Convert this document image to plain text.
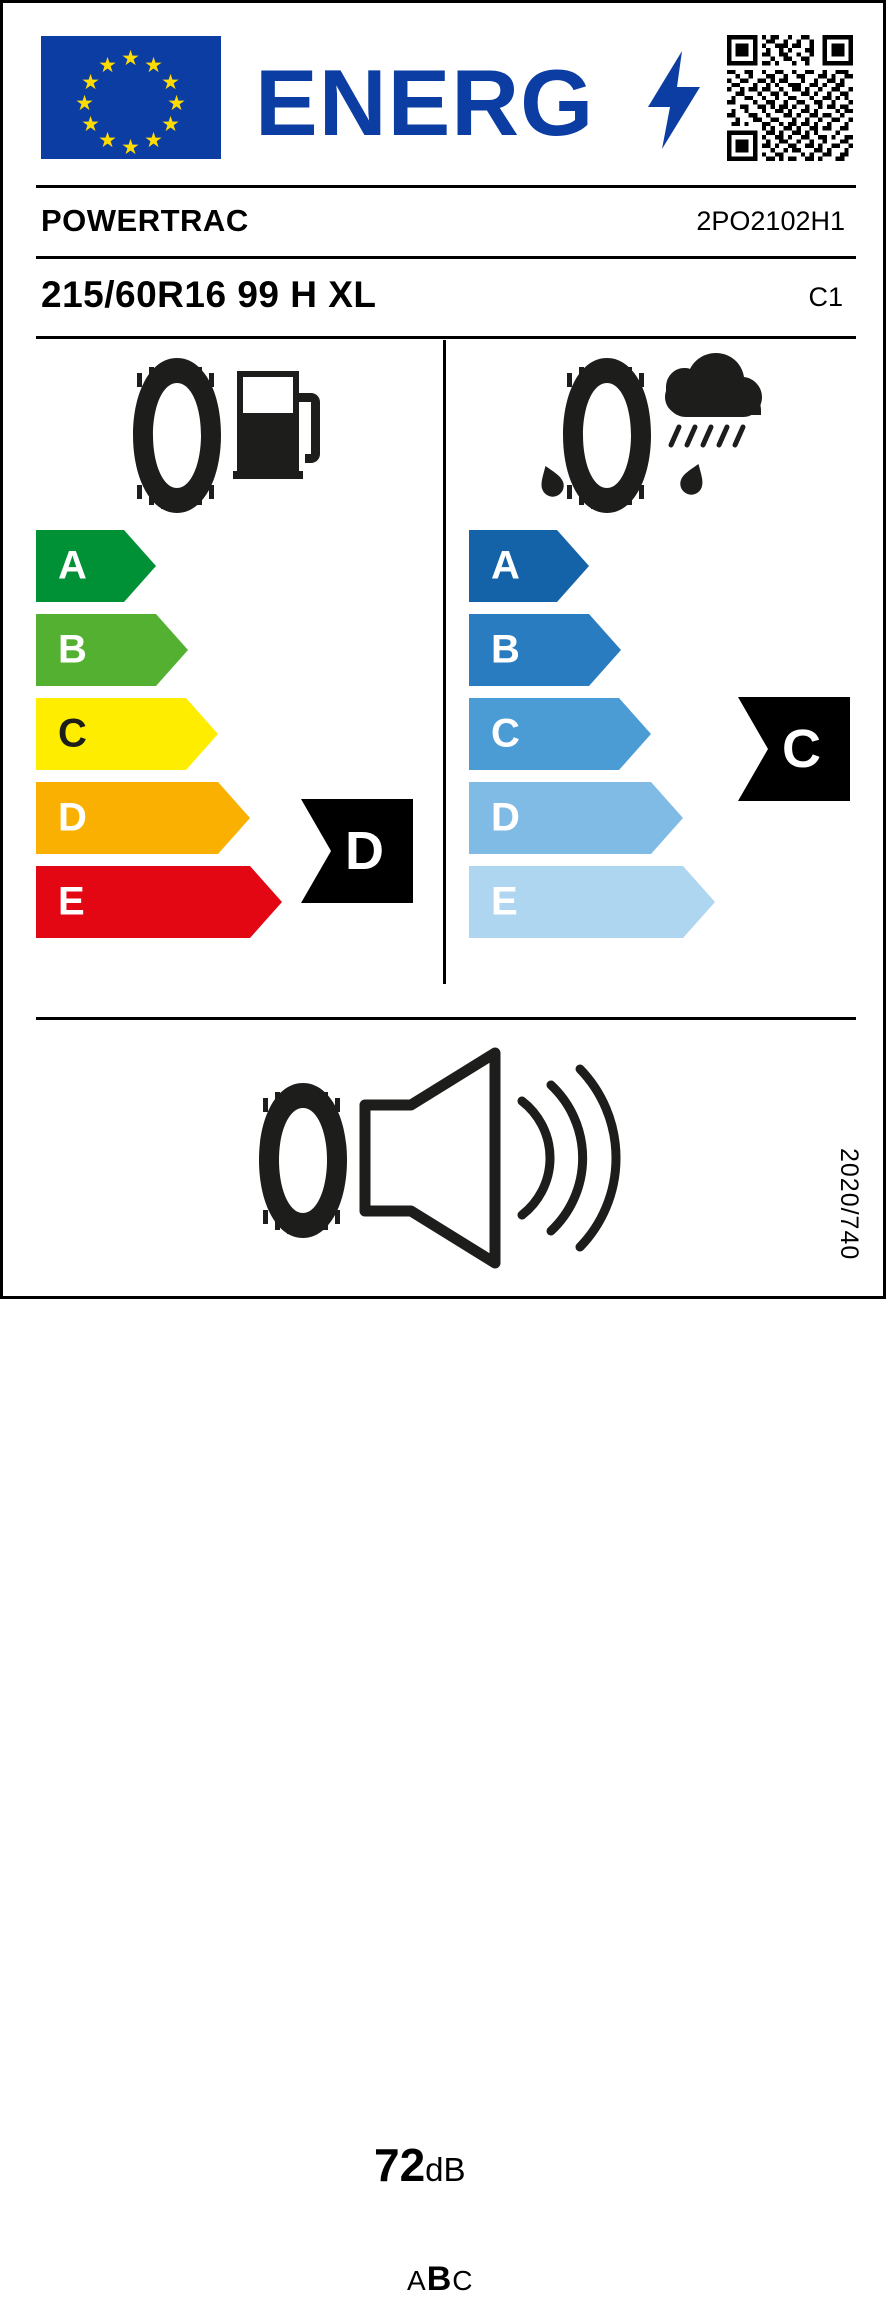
★
★ ★
★	★
★	★
★	★
★ ★
★ ENERG
POWERTRAC	2PO2102H1
215/60R16 99 H XL	C1
A
B
C
D
E
D
A
B
C
D
E
C
72dB
ABC
2020/740
